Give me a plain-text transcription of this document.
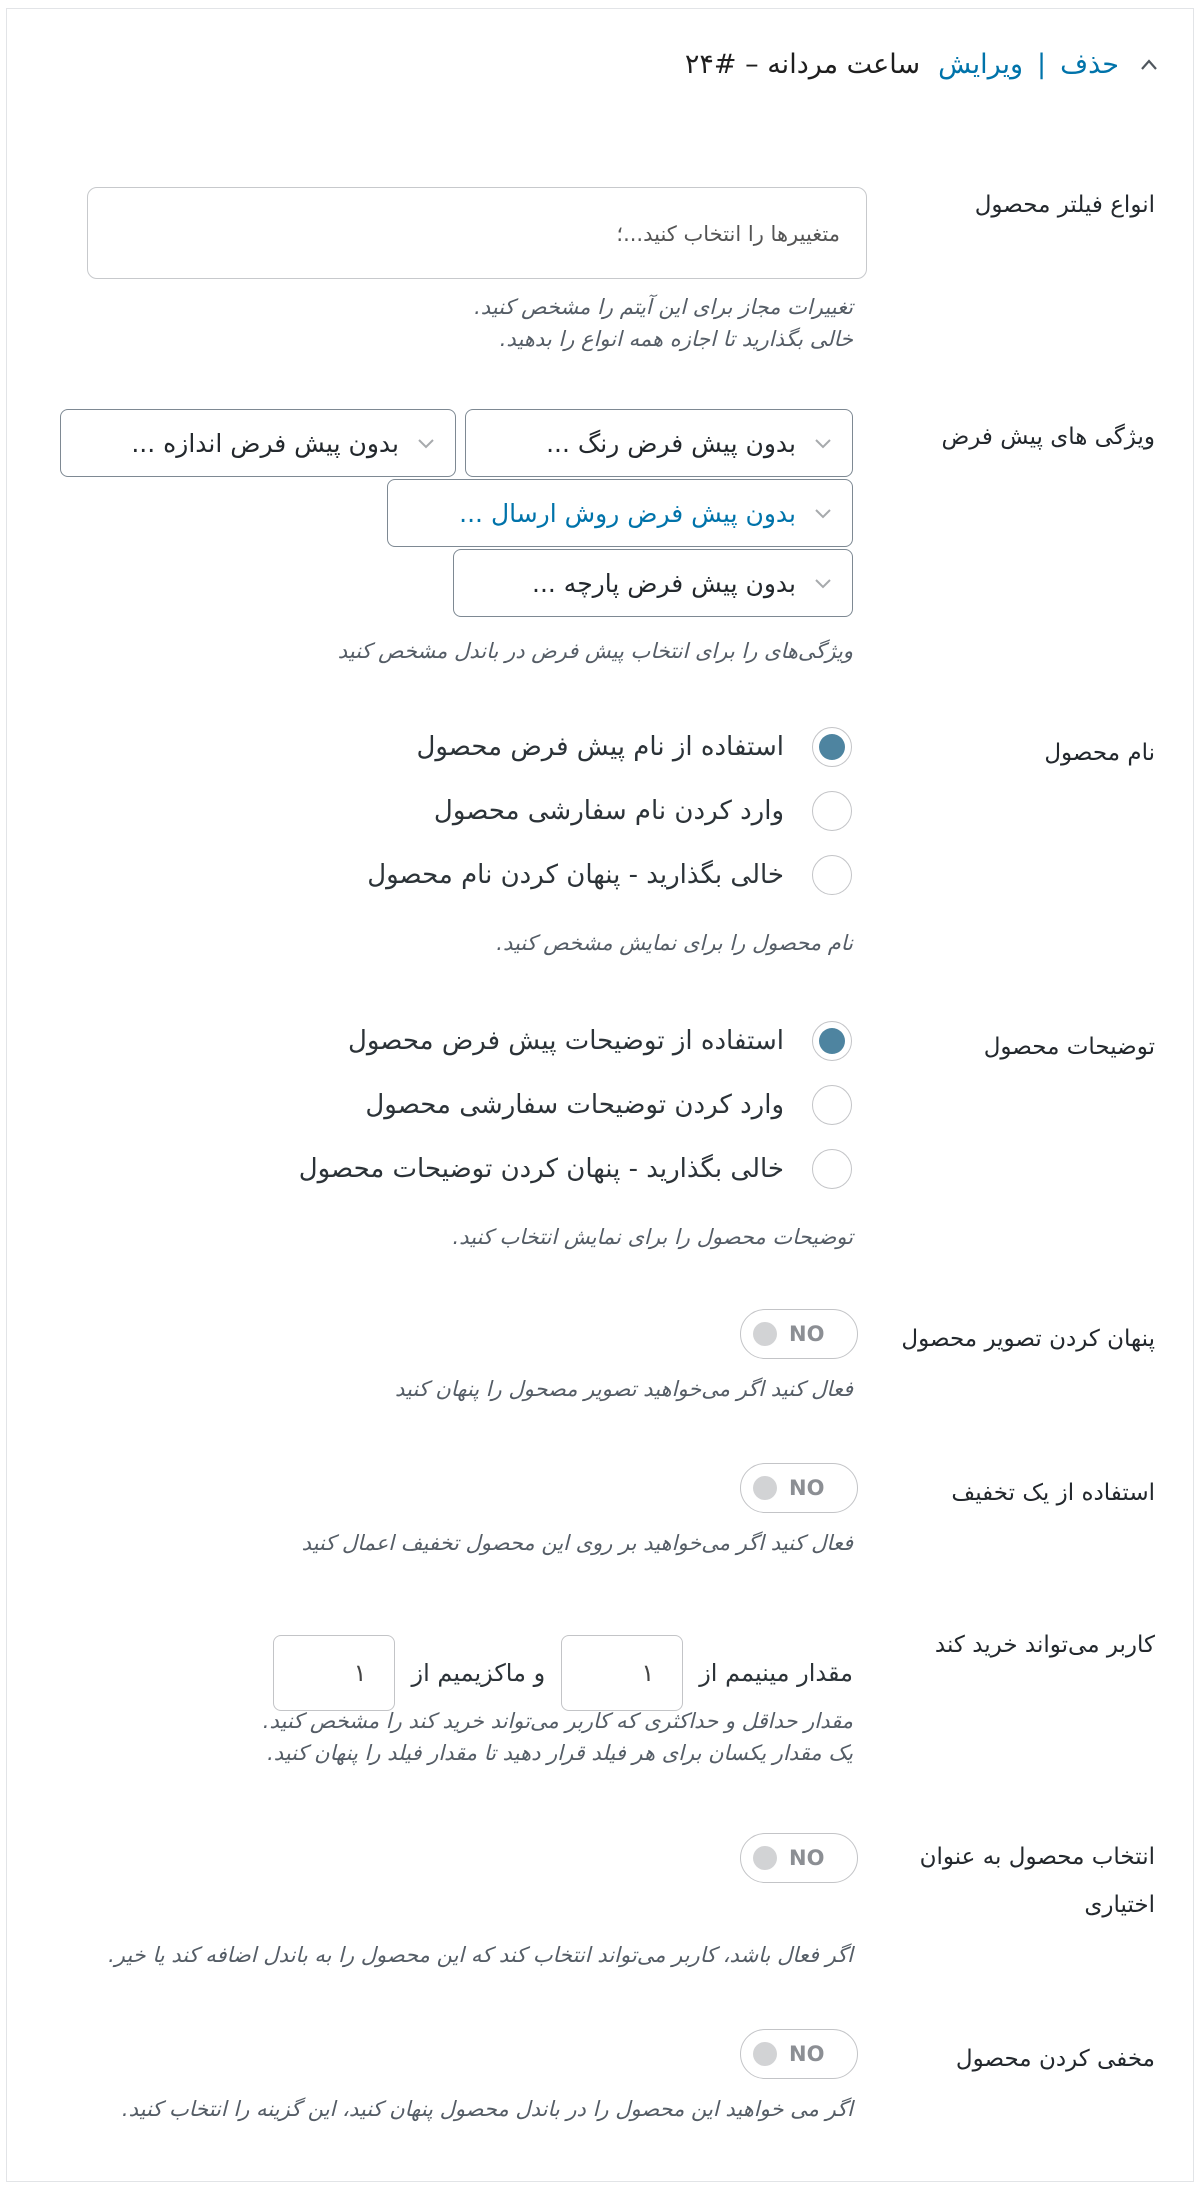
حذف
|
ویرایش
ساعت مردانه – #۲۴
انواع فیلتر محصول
متغییرها را انتخاب کنید...؛
تغییرات مجاز برای این آیتم را مشخص کنید.
خالی بگذارید تا اجازه همه انواع را بدهید.
ویژگی های پیش فرض
بدون پیش فرض رنگ ...
بدون پیش فرض اندازه ...
بدون پیش فرض روش ارسال ...
بدون پیش فرض پارچه ...
ویژگی‌های را برای انتخاب پیش فرض در باندل مشخص کنید
نام محصول
استفاده از نام پیش فرض محصول
وارد کردن نام سفارشی محصول
خالی بگذارید - پنهان کردن نام محصول
نام محصول را برای نمایش مشخص کنید.
توضیحات محصول
استفاده از توضیحات پیش فرض محصول
وارد کردن توضیحات سفارشی محصول
خالی بگذارید - پنهان کردن توضیحات محصول
توضیحات محصول را برای نمایش انتخاب کنید.
پنهان کردن تصویر محصول
NO
فعال کنید اگر می‌خواهید تصویر مصحول را پنهان کنید
استفاده از یک تخفیف
NO
فعال کنید اگر می‌خواهید بر روی این محصول تخفیف اعمال کنید
کاربر می‌تواند خرید کند
مقدار مینیمم از
۱
و ماکزیمیم از
۱
مقدار حداقل و حداکثری که کاربر می‌تواند خرید کند را مشخص کنید.
یک مقدار یکسان برای هر فیلد قرار دهید تا مقدار فیلد را پنهان کنید.
انتخاب محصول به عنوان
اختیاری
NO
اگر فعال باشد، کاربر می‌تواند انتخاب کند که این محصول را به باندل اضافه کند یا خیر.
مخفی کردن محصول
NO
اگر می خواهید این محصول را در باندل محصول پنهان کنید، این گزینه را انتخاب کنید.
